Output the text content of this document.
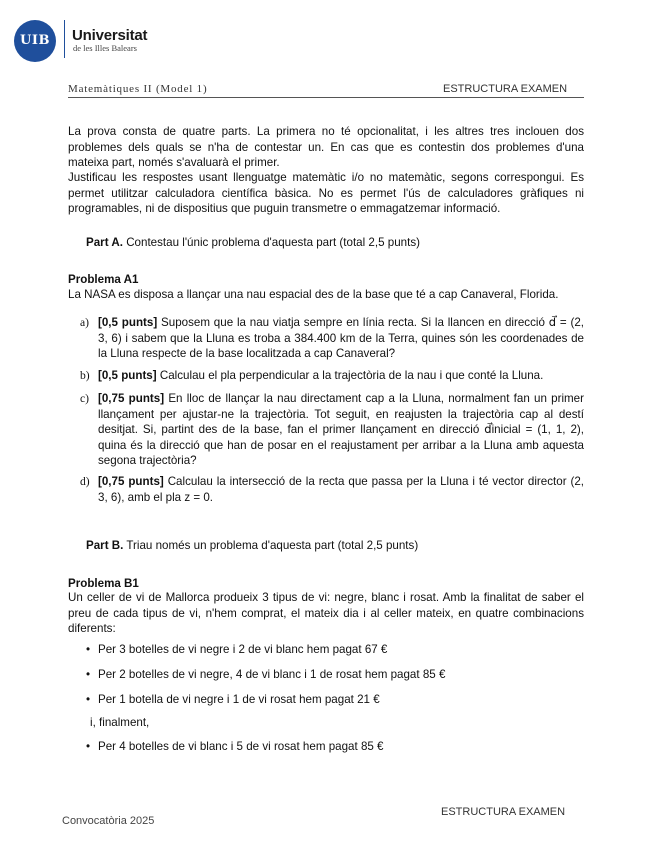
UIB	Universitat
de les Illes Balears
Matemàtiques II (Model 1)	ESTRUCTURA EXAMEN
La prova consta de quatre parts. La primera no té opcionalitat, i les altres tres inclouen dos problemes dels quals se n'ha de contestar un. En cas que es contestin dos problemes d'una mateixa part, només s'avaluarà el primer.
Justificau les respostes usant llenguatge matemàtic i/o no matemàtic, segons correspongui. Es permet utilitzar calculadora científica bàsica. No es permet l'ús de calculadores gràfiques ni programables, ni de dispositius que puguin transmetre o emmagatzemar informació.
Part A. Contestau l'únic problema d'aquesta part (total 2,5 punts)
Problema A1
La NASA es disposa a llançar una nau espacial des de la base que té a cap Canaveral, Florida.
a) [0,5 punts] Suposem que la nau viatja sempre en línia recta. Si la llancen en direcció d⃗ = (2, 3, 6) i sabem que la Lluna es troba a 384.400 km de la Terra, quines són les coordenades de la Lluna respecte de la base localitzada a cap Canaveral?
b) [0,5 punts] Calculau el pla perpendicular a la trajectòria de la nau i que conté la Lluna.
c) [0,75 punts] En lloc de llançar la nau directament cap a la Lluna, normalment fan un primer llançament per ajustar-ne la trajectòria. Tot seguit, en reajusten la trajectòria cap al destí desitjat. Si, partint des de la base, fan el primer llançament en direcció d⃗inicial = (1, 1, 2), quina és la direcció que han de posar en el reajustament per arribar a la Lluna amb aquesta segona trajectòria?
d) [0,75 punts] Calculau la intersecció de la recta que passa per la Lluna i té vector director (2, 3, 6), amb el pla z = 0.
Part B. Triau només un problema d'aquesta part (total 2,5 punts)
Problema B1
Un celler de vi de Mallorca produeix 3 tipus de vi: negre, blanc i rosat. Amb la finalitat de saber el preu de cada tipus de vi, n'hem comprat, el mateix dia i al celler mateix, en quatre combinacions diferents:
• Per 3 botelles de vi negre i 2 de vi blanc hem pagat 67 €
• Per 2 botelles de vi negre, 4 de vi blanc i 1 de rosat hem pagat 85 €
• Per 1 botella de vi negre i 1 de vi rosat hem pagat 21 €
i, finalment,
• Per 4 botelles de vi blanc i 5 de vi rosat hem pagat 85 €
ESTRUCTURA EXAMEN
Convocatòria 2025
